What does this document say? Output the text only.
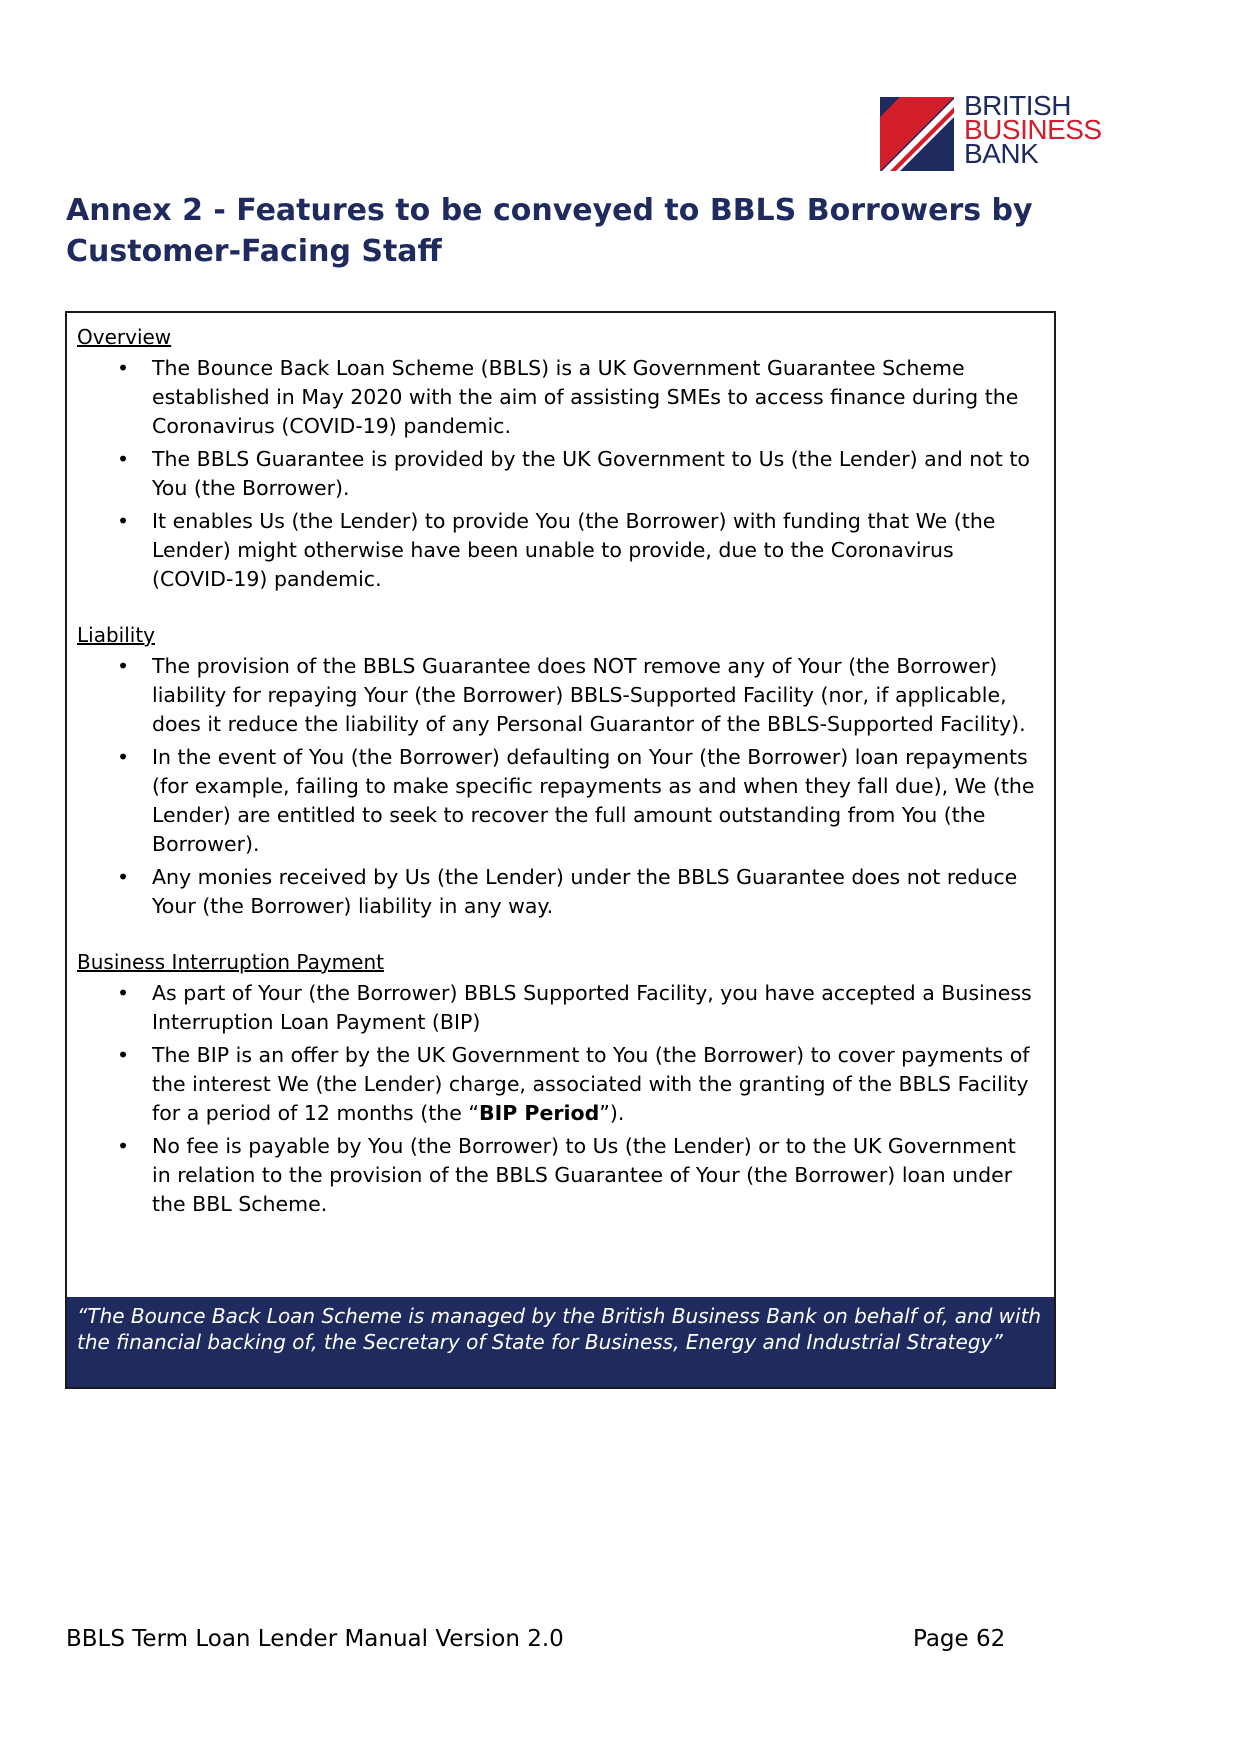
BRITISH
BUSINESS
BANK
Annex 2 - Features to be conveyed to BBLS Borrowers by Customer-Facing Staff
Overview
• The Bounce Back Loan Scheme (BBLS) is a UK Government Guarantee Scheme established in May 2020 with the aim of assisting SMEs to access finance during the Coronavirus (COVID-19) pandemic.
• The BBLS Guarantee is provided by the UK Government to Us (the Lender) and not to You (the Borrower).
• It enables Us (the Lender) to provide You (the Borrower) with funding that We (the Lender) might otherwise have been unable to provide, due to the Coronavirus (COVID-19) pandemic.
Liability
• The provision of the BBLS Guarantee does NOT remove any of Your (the Borrower) liability for repaying Your (the Borrower) BBLS-Supported Facility (nor, if applicable, does it reduce the liability of any Personal Guarantor of the BBLS-Supported Facility).
• In the event of You (the Borrower) defaulting on Your (the Borrower) loan repayments (for example, failing to make specific repayments as and when they fall due), We (the Lender) are entitled to seek to recover the full amount outstanding from You (the Borrower).
• Any monies received by Us (the Lender) under the BBLS Guarantee does not reduce Your (the Borrower) liability in any way.
Business Interruption Payment
• As part of Your (the Borrower) BBLS Supported Facility, you have accepted a Business Interruption Loan Payment (BIP)
• The BIP is an offer by the UK Government to You (the Borrower) to cover payments of the interest We (the Lender) charge, associated with the granting of the BBLS Facility for a period of 12 months (the “BIP Period”).
• No fee is payable by You (the Borrower) to Us (the Lender) or to the UK Government in relation to the provision of the BBLS Guarantee of Your (the Borrower) loan under the BBL Scheme.
“The Bounce Back Loan Scheme is managed by the British Business Bank on behalf of, and with the financial backing of, the Secretary of State for Business, Energy and Industrial Strategy”
BBLS Term Loan Lender Manual Version 2.0	Page 62
